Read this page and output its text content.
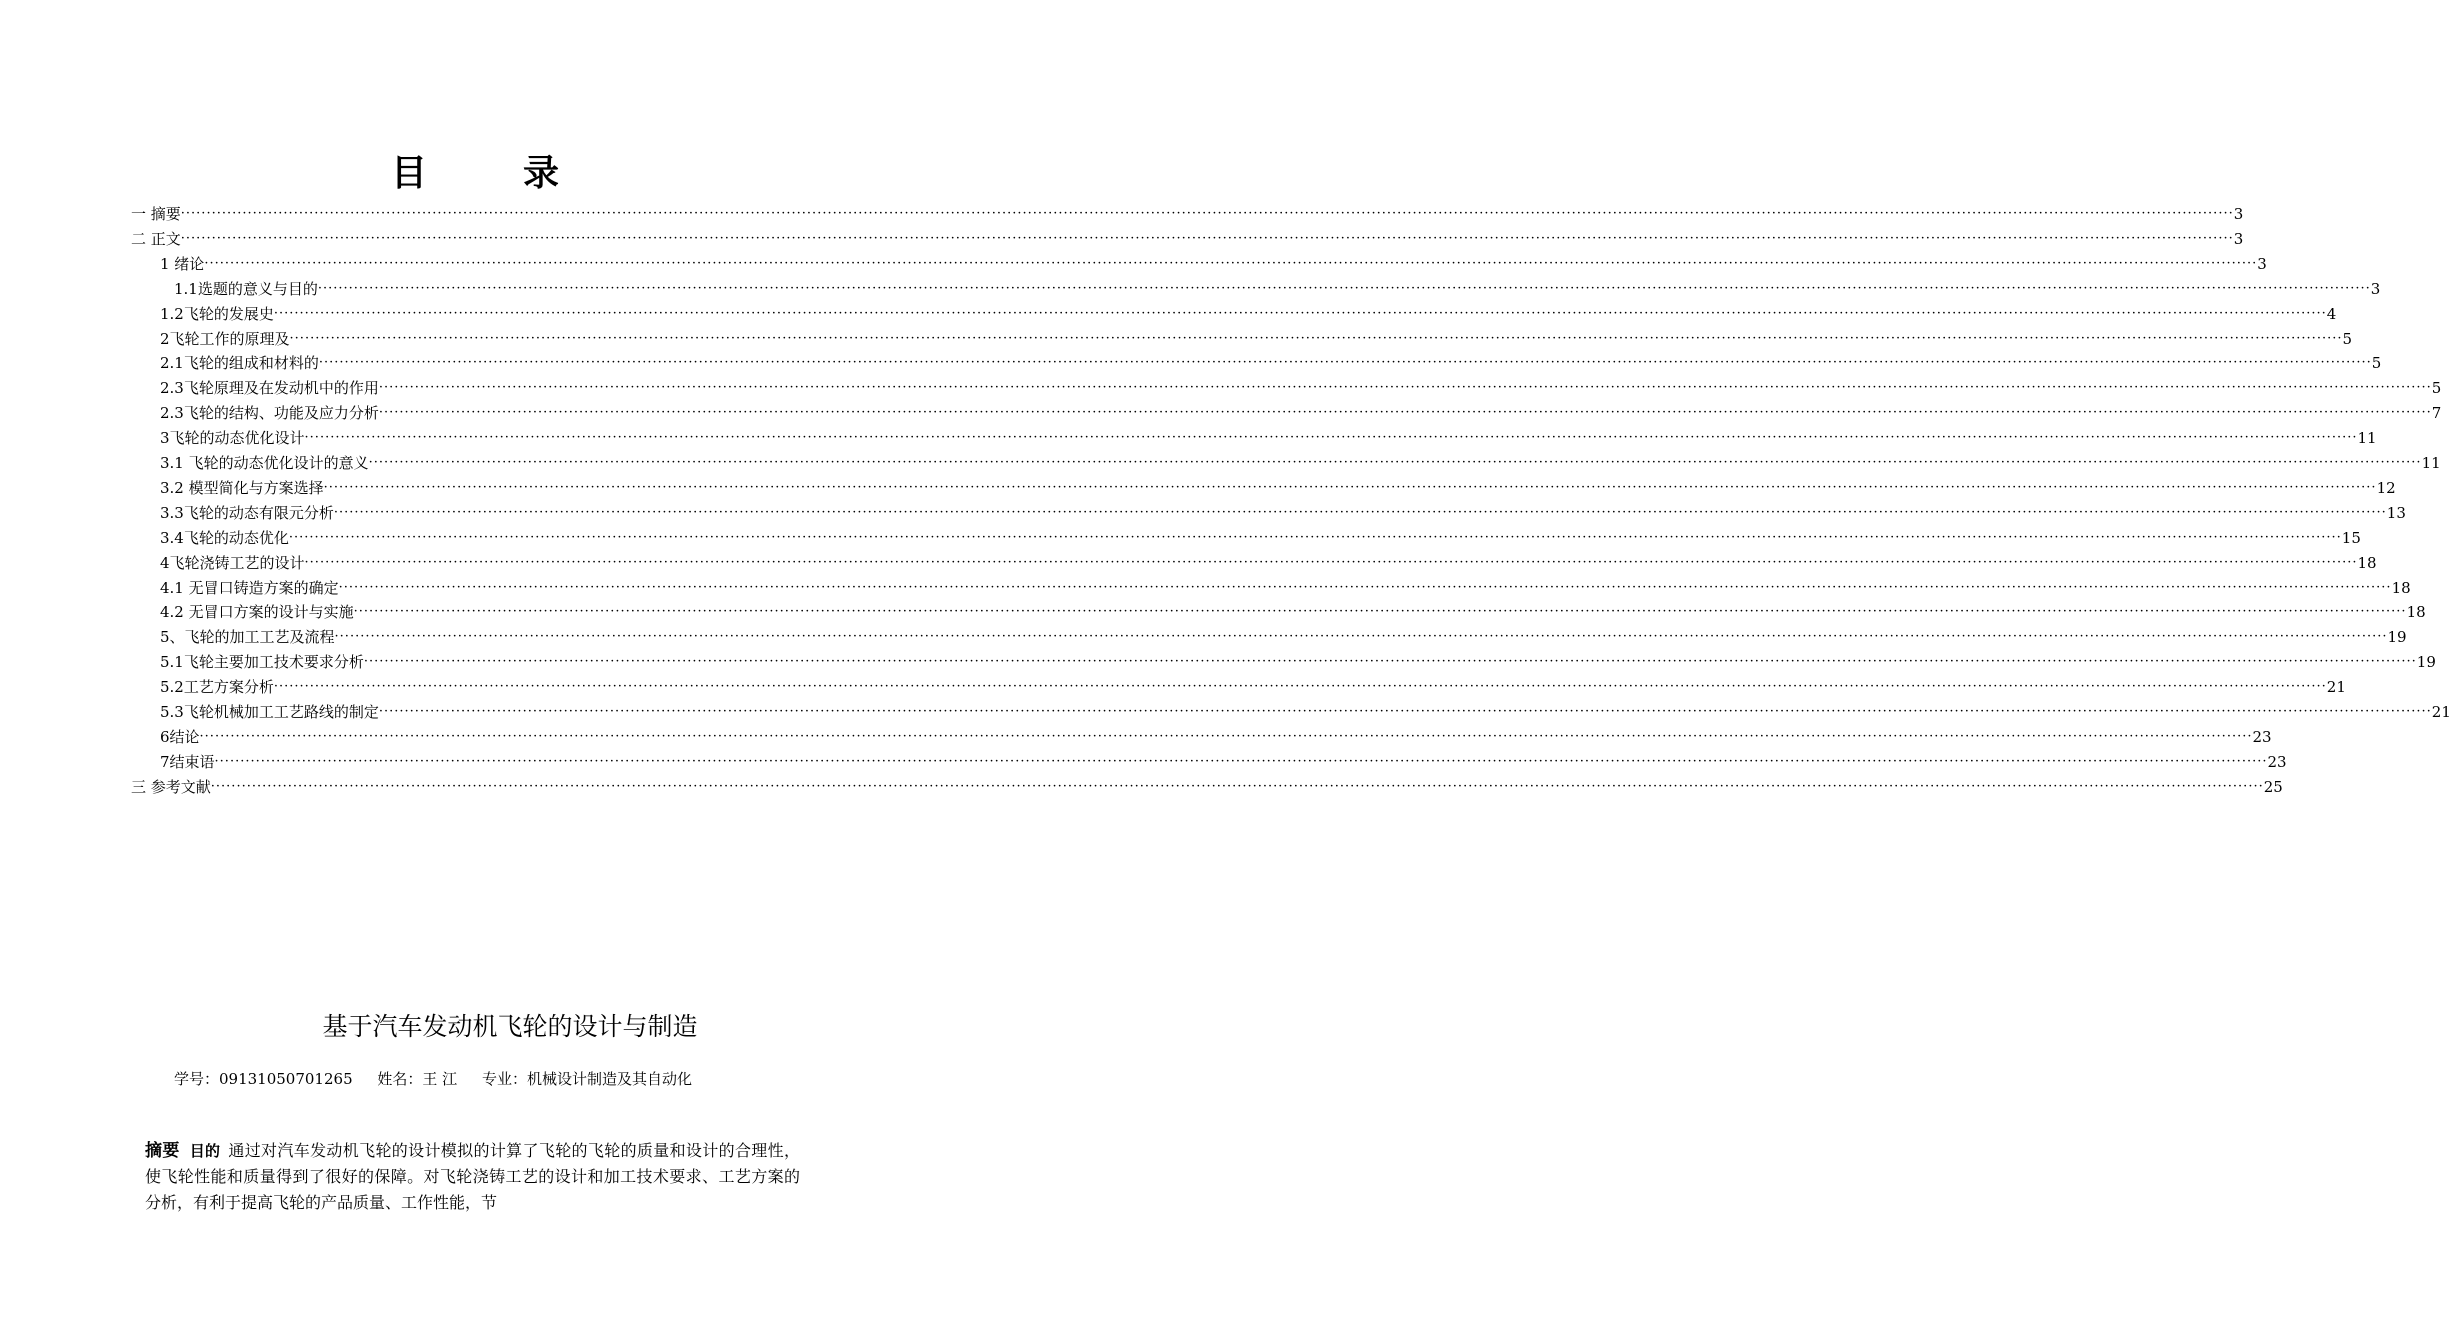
目录
一 摘要 ················································································································································································································································································································································································································ 3
二 正文 ················································································································································································································································································································································································································ 3
1 绪论 ················································································································································································································································································································································································································ 3
1.1选题的意义与目的 ················································································································································································································································································································································································································ 3
1.2飞轮的发展史 ················································································································································································································································································································································································································ 4
2飞轮工作的原理及 ················································································································································································································································································································································································································ 5
2.1飞轮的组成和材料的 ················································································································································································································································································································································································································ 5
2.3飞轮原理及在发动机中的作用 ················································································································································································································································································································································································································ 5
2.3飞轮的结构、功能及应力分析 ················································································································································································································································································································································································································ 7
3飞轮的动态优化设计 ················································································································································································································································································································································································································ 11
3.1 飞轮的动态优化设计的意义 ················································································································································································································································································································································································································ 11
3.2 模型简化与方案选择 ················································································································································································································································································································································································································ 12
3.3飞轮的动态有限元分析 ················································································································································································································································································································································································································ 13
3.4飞轮的动态优化 ················································································································································································································································································································································································································ 15
4飞轮浇铸工艺的设计 ················································································································································································································································································································································································································ 18
4.1 无冒口铸造方案的确定 ················································································································································································································································································································································································································ 18
4.2 无冒口方案的设计与实施 ················································································································································································································································································································································································································ 18
5、飞轮的加工工艺及流程 ················································································································································································································································································································································································································ 19
5.1飞轮主要加工技术要求分析 ················································································································································································································································································································································································································ 19
5.2工艺方案分析 ················································································································································································································································································································································································································ 21
5.3飞轮机械加工工艺路线的制定 ················································································································································································································································································································································································································ 21
6结论 ················································································································································································································································································································································································································ 23
7结束语 ················································································································································································································································································································································································································ 23
三 参考文献 ················································································································································································································································································································································································································ 25
基于汽车发动机飞轮的设计与制造
学号：09131050701265 姓名：王 江 专业：机械设计制造及其自动化
摘要 目的 通过对汽车发动机飞轮的设计模拟的计算了飞轮的飞轮的质量和设计的合理性，使飞轮性能和质量得到了很好的保障。对飞轮浇铸工艺的设计和加工技术要求、工艺方案的分析，有利于提高飞轮的产品质量、工作性能，节
